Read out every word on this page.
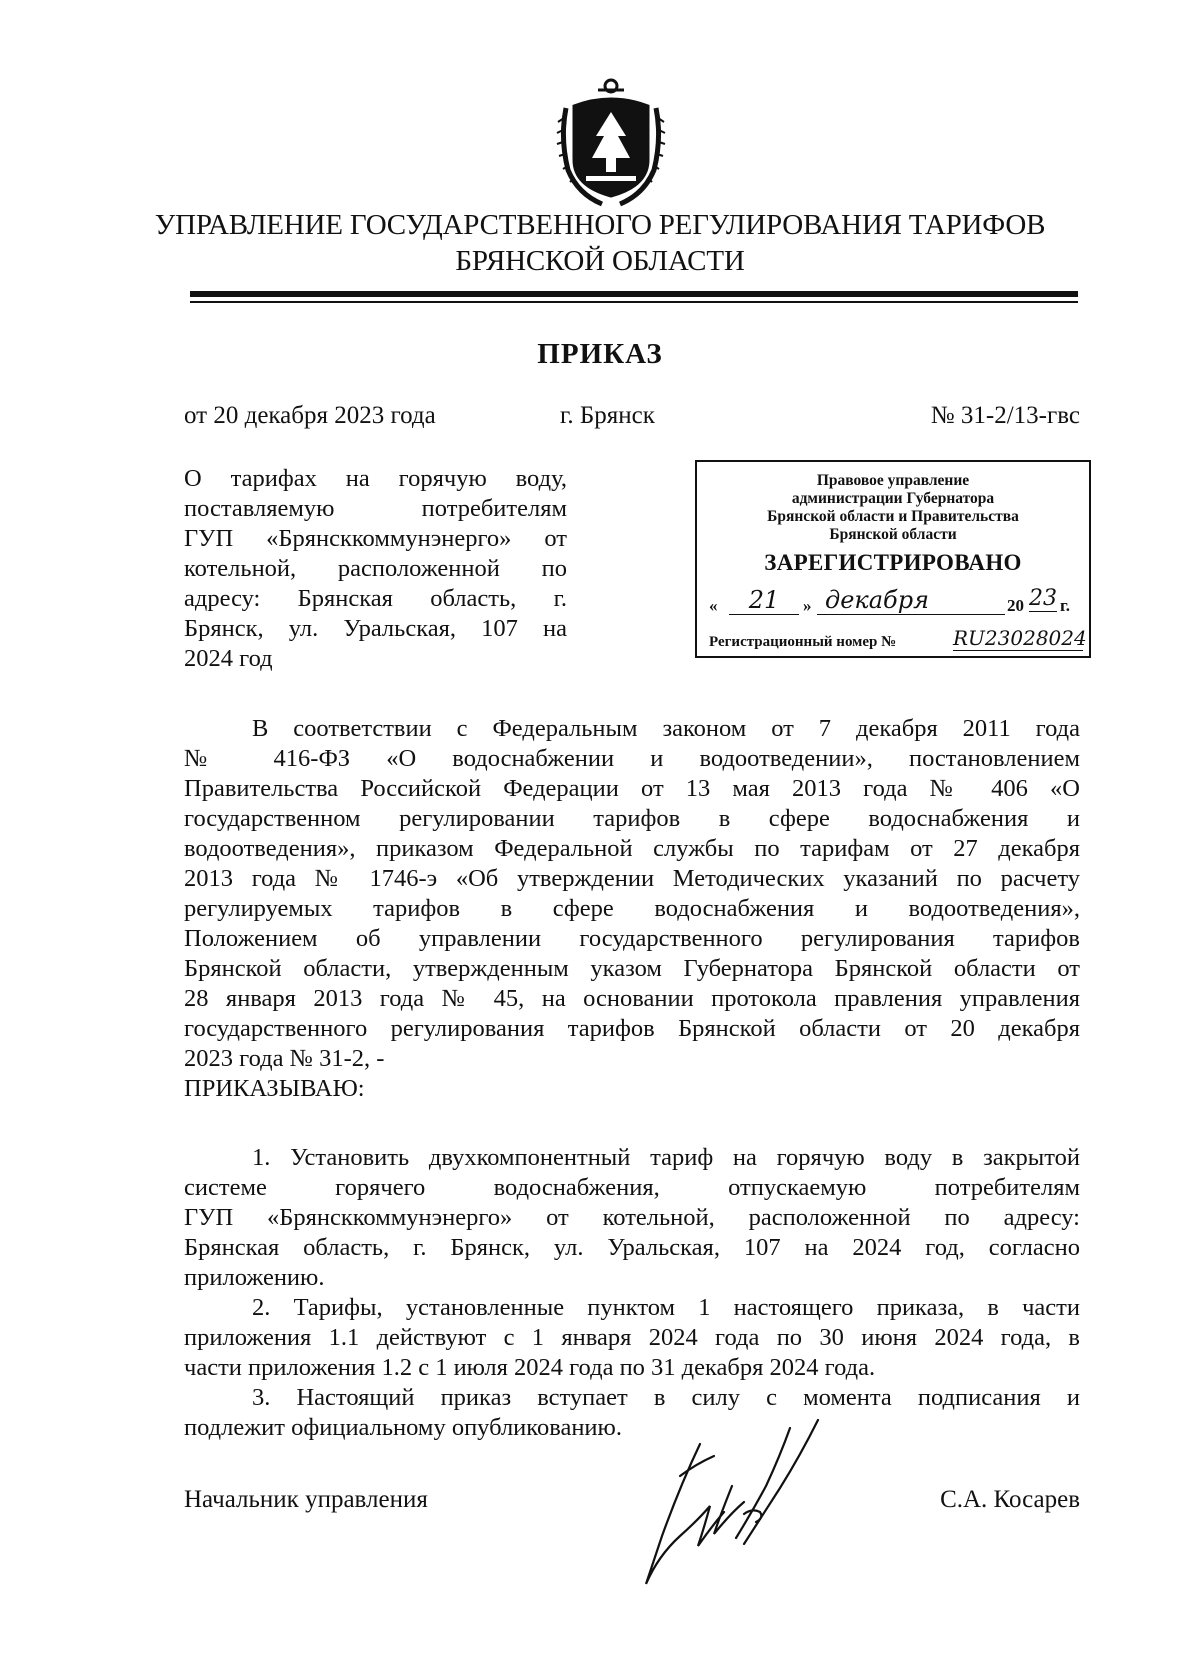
УПРАВЛЕНИЕ ГОСУДАРСТВЕННОГО РЕГУЛИРОВАНИЯ ТАРИФОВ
БРЯНСКОЙ ОБЛАСТИ
ПРИКАЗ
от 20 декабря 2023 года	г. Брянск	№ 31-2/13-гвс
О тарифах на горячую воду,
поставляемую потребителям
ГУП «Брянсккоммунэнерго» от
котельной, расположенной по
адресу: Брянская область, г.
Брянск, ул. Уральская, 107 на
2024 год
Правовое управление
администрации Губернатора
Брянской области и Правительства
Брянской области
ЗАРЕГИСТРИРОВАНО
«	21	» декабря	20 23 г.
Регистрационный номер №	RU23028024
В соответствии с Федеральным законом от 7 декабря 2011 года
№ 416-ФЗ «О водоснабжении и водоотведении», постановлением
Правительства Российской Федерации от 13 мая 2013 года № 406 «О
государственном регулировании тарифов в сфере водоснабжения и
водоотведения», приказом Федеральной службы по тарифам от 27 декабря
2013 года № 1746-э «Об утверждении Методических указаний по расчету
регулируемых тарифов в сфере водоснабжения и водоотведения»,
Положением об управлении государственного регулирования тарифов
Брянской области, утвержденным указом Губернатора Брянской области от
28 января 2013 года № 45, на основании протокола правления управления
государственного регулирования тарифов Брянской области от 20 декабря
2023 года № 31-2, -
ПРИКАЗЫВАЮ:
1. Установить двухкомпонентный тариф на горячую воду в закрытой
системе горячего водоснабжения, отпускаемую потребителям
ГУП «Брянсккоммунэнерго» от котельной, расположенной по адресу:
Брянская область, г. Брянск, ул. Уральская, 107 на 2024 год, согласно
приложению.
2. Тарифы, установленные пунктом 1 настоящего приказа, в части
приложения 1.1 действуют с 1 января 2024 года по 30 июня 2024 года, в
части приложения 1.2 с 1 июля 2024 года по 31 декабря 2024 года.
3. Настоящий приказ вступает в силу с момента подписания и
подлежит официальному опубликованию.
Начальник управления	С.А. Косарев
